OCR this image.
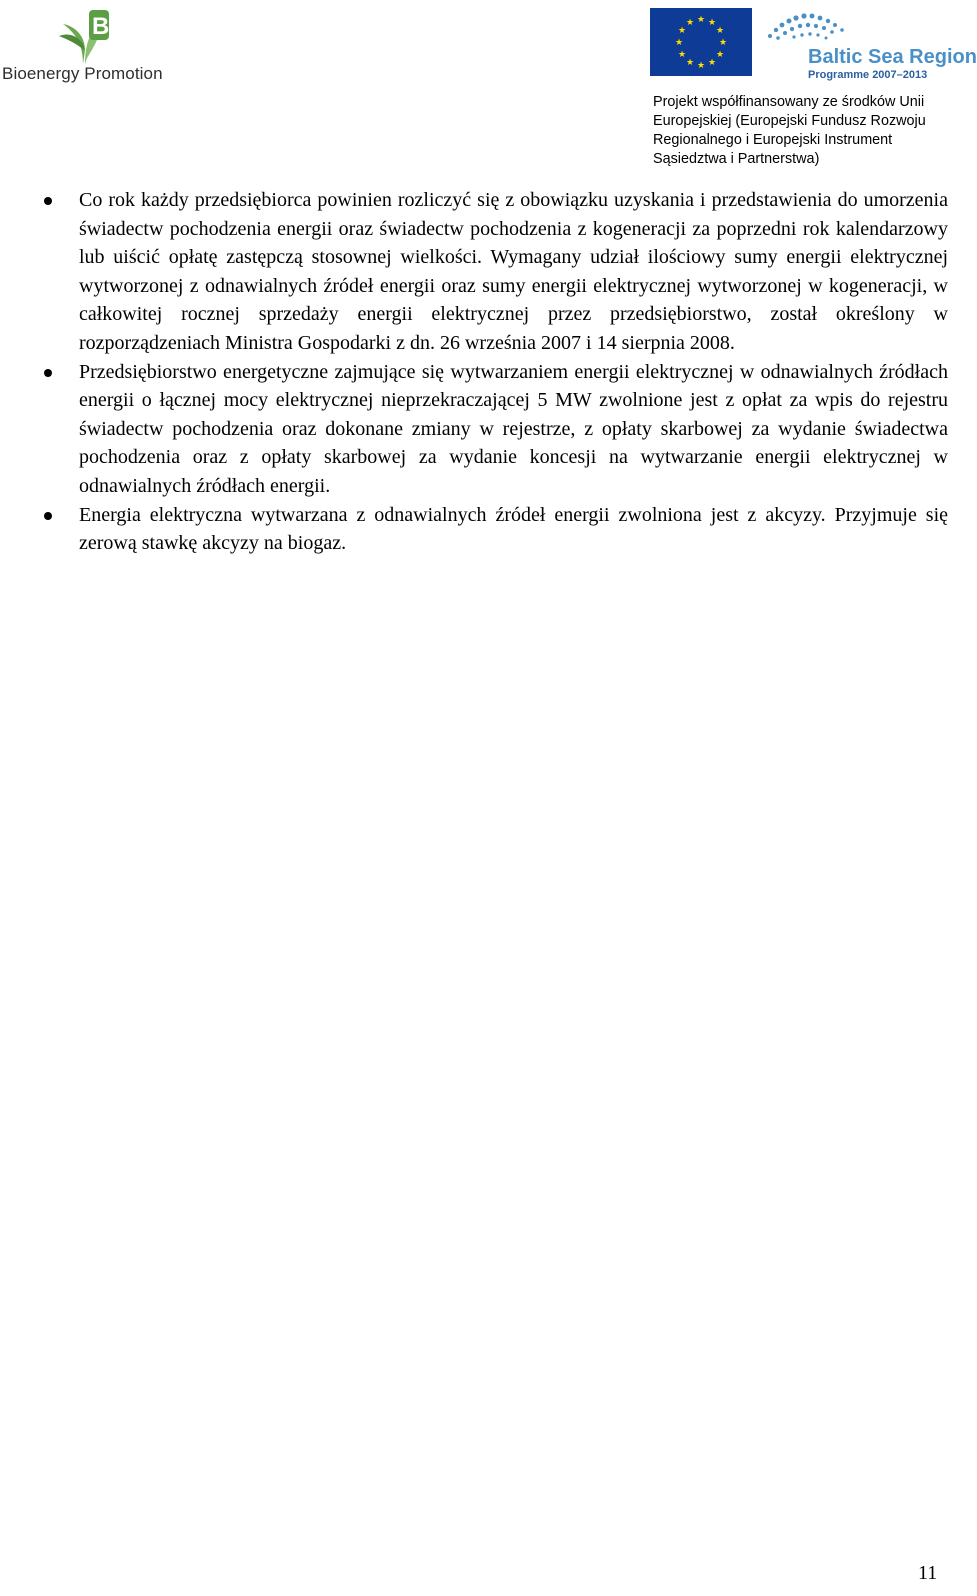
B
Bioenergy Promotion
★ ★
★
★
★
★
★
★
★
★
★
★
Baltic Sea Region
Programme 2007–2013
Projekt współfinansowany ze środków Unii
Europejskiej (Europejski Fundusz Rozwoju
Regionalnego i Europejski Instrument
Sąsiedztwa i Partnerstwa)
Co rok każdy przedsiębiorca powinien rozliczyć się z obowiązku uzyskania i przedstawienia do umorzenia świadectw pochodzenia energii oraz świadectw pochodzenia z kogeneracji za poprzedni rok kalendarzowy lub uiścić opłatę zastępczą stosownej wielkości. Wymagany udział ilościowy sumy energii elektrycznej wytworzonej z odnawialnych źródeł energii oraz sumy energii elektrycznej wytworzonej w kogeneracji, w całkowitej rocznej sprzedaży energii elektrycznej przez przedsiębiorstwo, został określony w rozporządzeniach Ministra Gospodarki z dn. 26 września 2007 i 14 sierpnia 2008.
Przedsiębiorstwo energetyczne zajmujące się wytwarzaniem energii elektrycznej w odnawialnych źródłach energii o łącznej mocy elektrycznej nieprzekraczającej 5 MW zwolnione jest z opłat za wpis do rejestru świadectw pochodzenia oraz dokonane zmiany w rejestrze, z opłaty skarbowej za wydanie świadectwa pochodzenia oraz z opłaty skarbowej za wydanie koncesji na wytwarzanie energii elektrycznej w odnawialnych źródłach energii.
Energia elektryczna wytwarzana z odnawialnych źródeł energii zwolniona jest z akcyzy. Przyjmuje się zerową stawkę akcyzy na biogaz.
11
